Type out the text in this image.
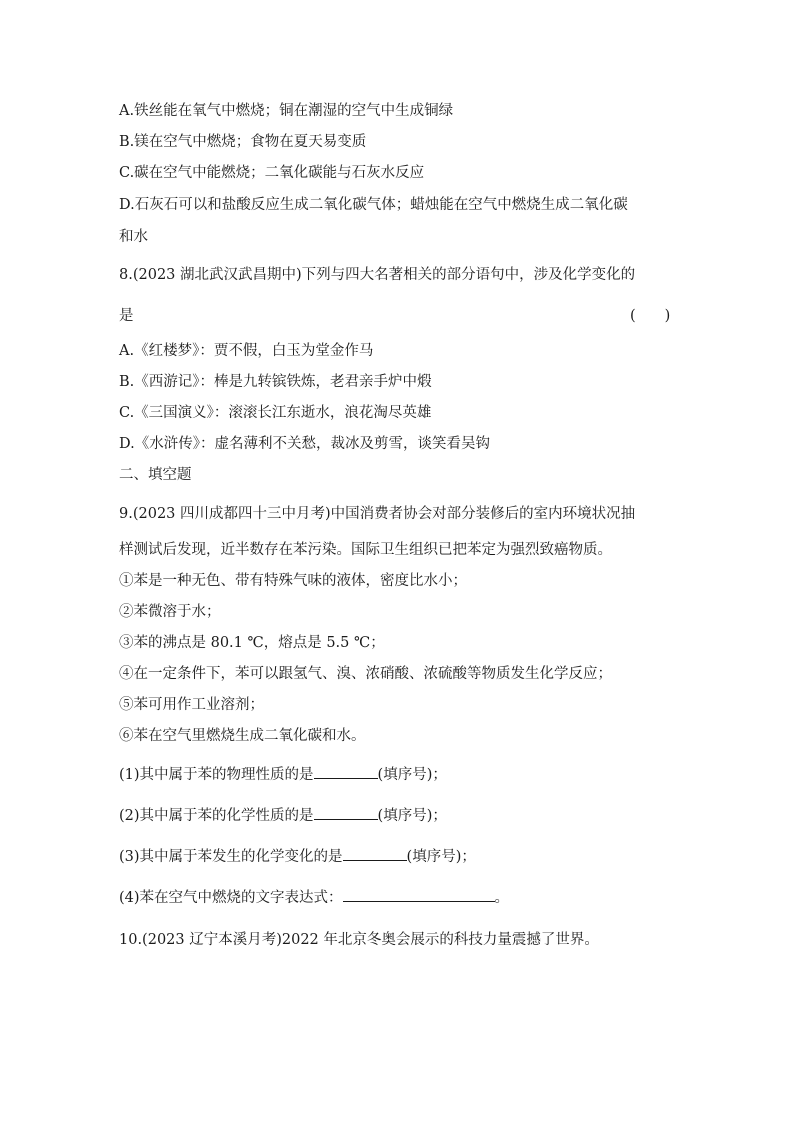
A.铁丝能在氧气中燃烧；铜在潮湿的空气中生成铜绿
B.镁在空气中燃烧；食物在夏天易变质
C.碳在空气中能燃烧；二氧化碳能与石灰水反应
D.石灰石可以和盐酸反应生成二氧化碳气体；蜡烛能在空气中燃烧生成二氧化碳
和水
8.(2023 湖北武汉武昌期中)下列与四大名著相关的部分语句中，涉及化学变化的
是	(　　)
A.《红楼梦》：贾不假，白玉为堂金作马
B.《西游记》：棒是九转镔铁炼，老君亲手炉中煅
C.《三国演义》：滚滚长江东逝水，浪花淘尽英雄
D.《水浒传》：虚名薄利不关愁，裁冰及剪雪，谈笑看吴钩
二、填空题
9.(2023 四川成都四十三中月考)中国消费者协会对部分装修后的室内环境状况抽
样测试后发现，近半数存在苯污染。国际卫生组织已把苯定为强烈致癌物质。
①苯是一种无色、带有特殊气味的液体，密度比水小；
②苯微溶于水；
③苯的沸点是 80.1 ℃，熔点是 5.5 ℃；
④在一定条件下，苯可以跟氢气、溴、浓硝酸、浓硫酸等物质发生化学反应；
⑤苯可用作工业溶剂；
⑥苯在空气里燃烧生成二氧化碳和水。
(1)其中属于苯的物理性质的是	(填序号)；
(2)其中属于苯的化学性质的是	(填序号)；
(3)其中属于苯发生的化学变化的是	(填序号)；
(4)苯在空气中燃烧的文字表达式：	。
10.(2023 辽宁本溪月考)2022 年北京冬奥会展示的科技力量震撼了世界。
